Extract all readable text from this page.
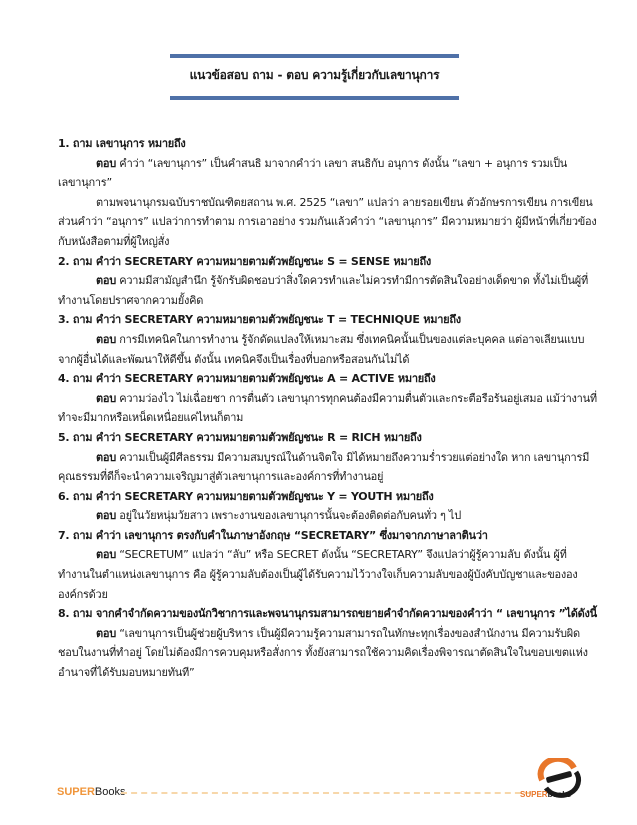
แนวข้อสอบ ถาม - ตอบ ความรู้เกี่ยวกับเลขานุการ

1. ถาม เลขานุการ หมายถึง

ตอบ คำว่า “เลขานุการ” เป็นคำสนธิ มาจากคำว่า เลขา สนธิกับ อนุการ ดังนั้น “เลขา + อนุการ รวมเป็นเลขานุการ”

ตามพจนานุกรมฉบับราชบัณฑิตยสถาน พ.ศ. 2525 “เลขา” แปลว่า ลายรอยเขียน ตัวอักษรการเขียน การเขียนส่วนคำว่า “อนุการ” แปลว่าการทำตาม การเอาอย่าง รวมกันแล้วคำว่า “เลขานุการ” มีความหมายว่า ผู้มีหน้าที่เกี่ยวข้องกับหนังสือตามที่ผู้ใหญ่สั่ง

2. ถาม คำว่า SECRETARY ความหมายตามตัวพยัญชนะ S = SENSE หมายถึง

ตอบ ความมีสามัญสำนึก รู้จักรับผิดชอบว่าสิ่งใดควรทำและไม่ควรทำมีการตัดสินใจอย่างเด็ดขาด ทั้งไม่เป็นผู้ที่ทำงานโดยปราศจากความยั้งคิด

3. ถาม คำว่า SECRETARY ความหมายตามตัวพยัญชนะ T = TECHNIQUE หมายถึง

ตอบ การมีเทคนิคในการทำงาน รู้จักดัดแปลงให้เหมาะสม ซึ่งเทคนิคนั้นเป็นของแต่ละบุคคล แต่อาจเลียนแบบจากผู้อื่นได้และพัฒนาให้ดีขึ้น ดังนั้น เทคนิคจึงเป็นเรื่องที่บอกหรือสอนกันไม่ได้

4. ถาม คำว่า SECRETARY ความหมายตามตัวพยัญชนะ A = ACTIVE หมายถึง

ตอบ ความว่องไว ไม่เฉื่อยชา การตื่นตัว เลขานุการทุกคนต้องมีความตื่นตัวและกระตือรือร้นอยู่เสมอ แม้ว่างานที่ทำจะมีมากหรือเหน็ดเหนื่อยแค่ไหนก็ตาม

5. ถาม คำว่า SECRETARY ความหมายตามตัวพยัญชนะ R = RICH หมายถึง

ตอบ ความเป็นผู้มีศีลธรรม มีความสมบูรณ์ในด้านจิตใจ มิได้หมายถึงความร่ำรวยแต่อย่างใด หาก เลขานุการมีคุณธรรมที่ดีก็จะนำความเจริญมาสู่ตัวเลขานุการและองค์การที่ทำงานอยู่

6. ถาม คำว่า SECRETARY ความหมายตามตัวพยัญชนะ Y = YOUTH หมายถึง

ตอบ อยู่ในวัยหนุ่มวัยสาว เพราะงานของเลขานุการนั้นจะต้องติดต่อกับคนทั่ว ๆ ไป

7. ถาม คำว่า เลขานุการ ตรงกับคำในภาษาอังกฤษ “SECRETARY” ซึ่งมาจากภาษาลาตินว่า

ตอบ “SECRETUM” แปลว่า “ลับ” หรือ SECRET ดังนั้น “SECRETARY” จึงแปลว่าผู้รู้ความลับ ดังนั้น ผู้ที่ทำงานในตำแหน่งเลขานุการ คือ ผู้รู้ความลับต้องเป็นผู้ได้รับความไว้วางใจเก็บความลับของผู้บังคับบัญชาและของององค์กรด้วย

8. ถาม จากคำจำกัดความของนักวิชาการและพจนานุกรมสามารถขยายคำจำกัดความของคำว่า “ เลขานุการ ”ได้ดังนี้

ตอบ “เลขานุการเป็นผู้ช่วยผู้บริหาร เป็นผู้มีความรู้ความสามารถในทักษะทุกเรื่องของสำนักงาน มีความรับผิดชอบในงานที่ทำอยู่ โดยไม่ต้องมีการควบคุมหรือสั่งการ ทั้งยังสามารถใช้ความคิดเรื่องพิจารณาตัดสินใจในขอบเขตแห่งอำนาจที่ได้รับมอบหมายทันที”

SUPERBooks	SUPERbooks
